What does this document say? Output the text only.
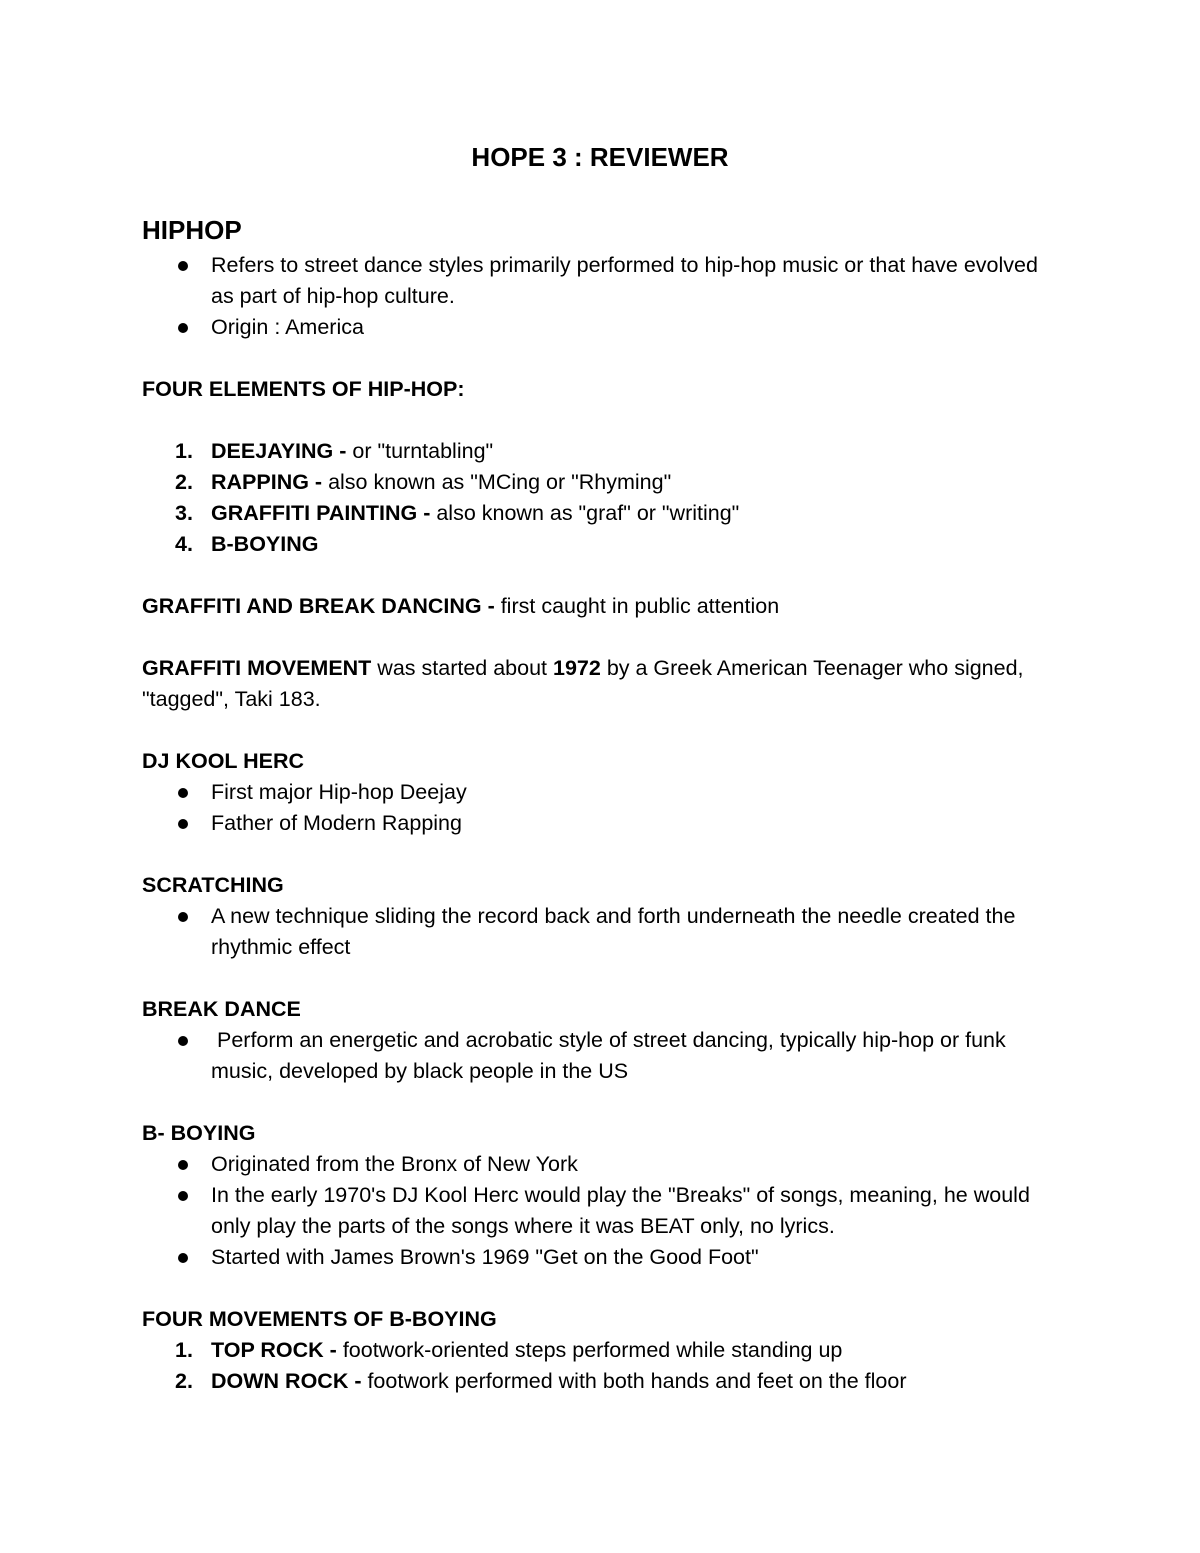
HOPE 3 : REVIEWER

HIPHOP

Refers to street dance styles primarily performed to hip-hop music or that have evolved as part of hip-hop culture.
Origin : America

FOUR ELEMENTS OF HIP-HOP:

1. DEEJAYING - or "turntabling"
2. RAPPING - also known as "MCing or "Rhyming"
3. GRAFFITI PAINTING - also known as "graf" or "writing"
4. B-BOYING

GRAFFITI AND BREAK DANCING - first caught in public attention

GRAFFITI MOVEMENT was started about 1972 by a Greek American Teenager who signed, "tagged", Taki 183.

DJ KOOL HERC

First major Hip-hop Deejay
Father of Modern Rapping

SCRATCHING

A new technique sliding the record back and forth underneath the needle created the rhythmic effect

BREAK DANCE

Perform an energetic and acrobatic style of street dancing, typically hip-hop or funk music, developed by black people in the US

B- BOYING

Originated from the Bronx of New York
In the early 1970's DJ Kool Herc would play the "Breaks" of songs, meaning, he would only play the parts of the songs where it was BEAT only, no lyrics.
Started with James Brown's 1969 "Get on the Good Foot"

FOUR MOVEMENTS OF B-BOYING

1. TOP ROCK - footwork-oriented steps performed while standing up
2. DOWN ROCK - footwork performed with both hands and feet on the floor
